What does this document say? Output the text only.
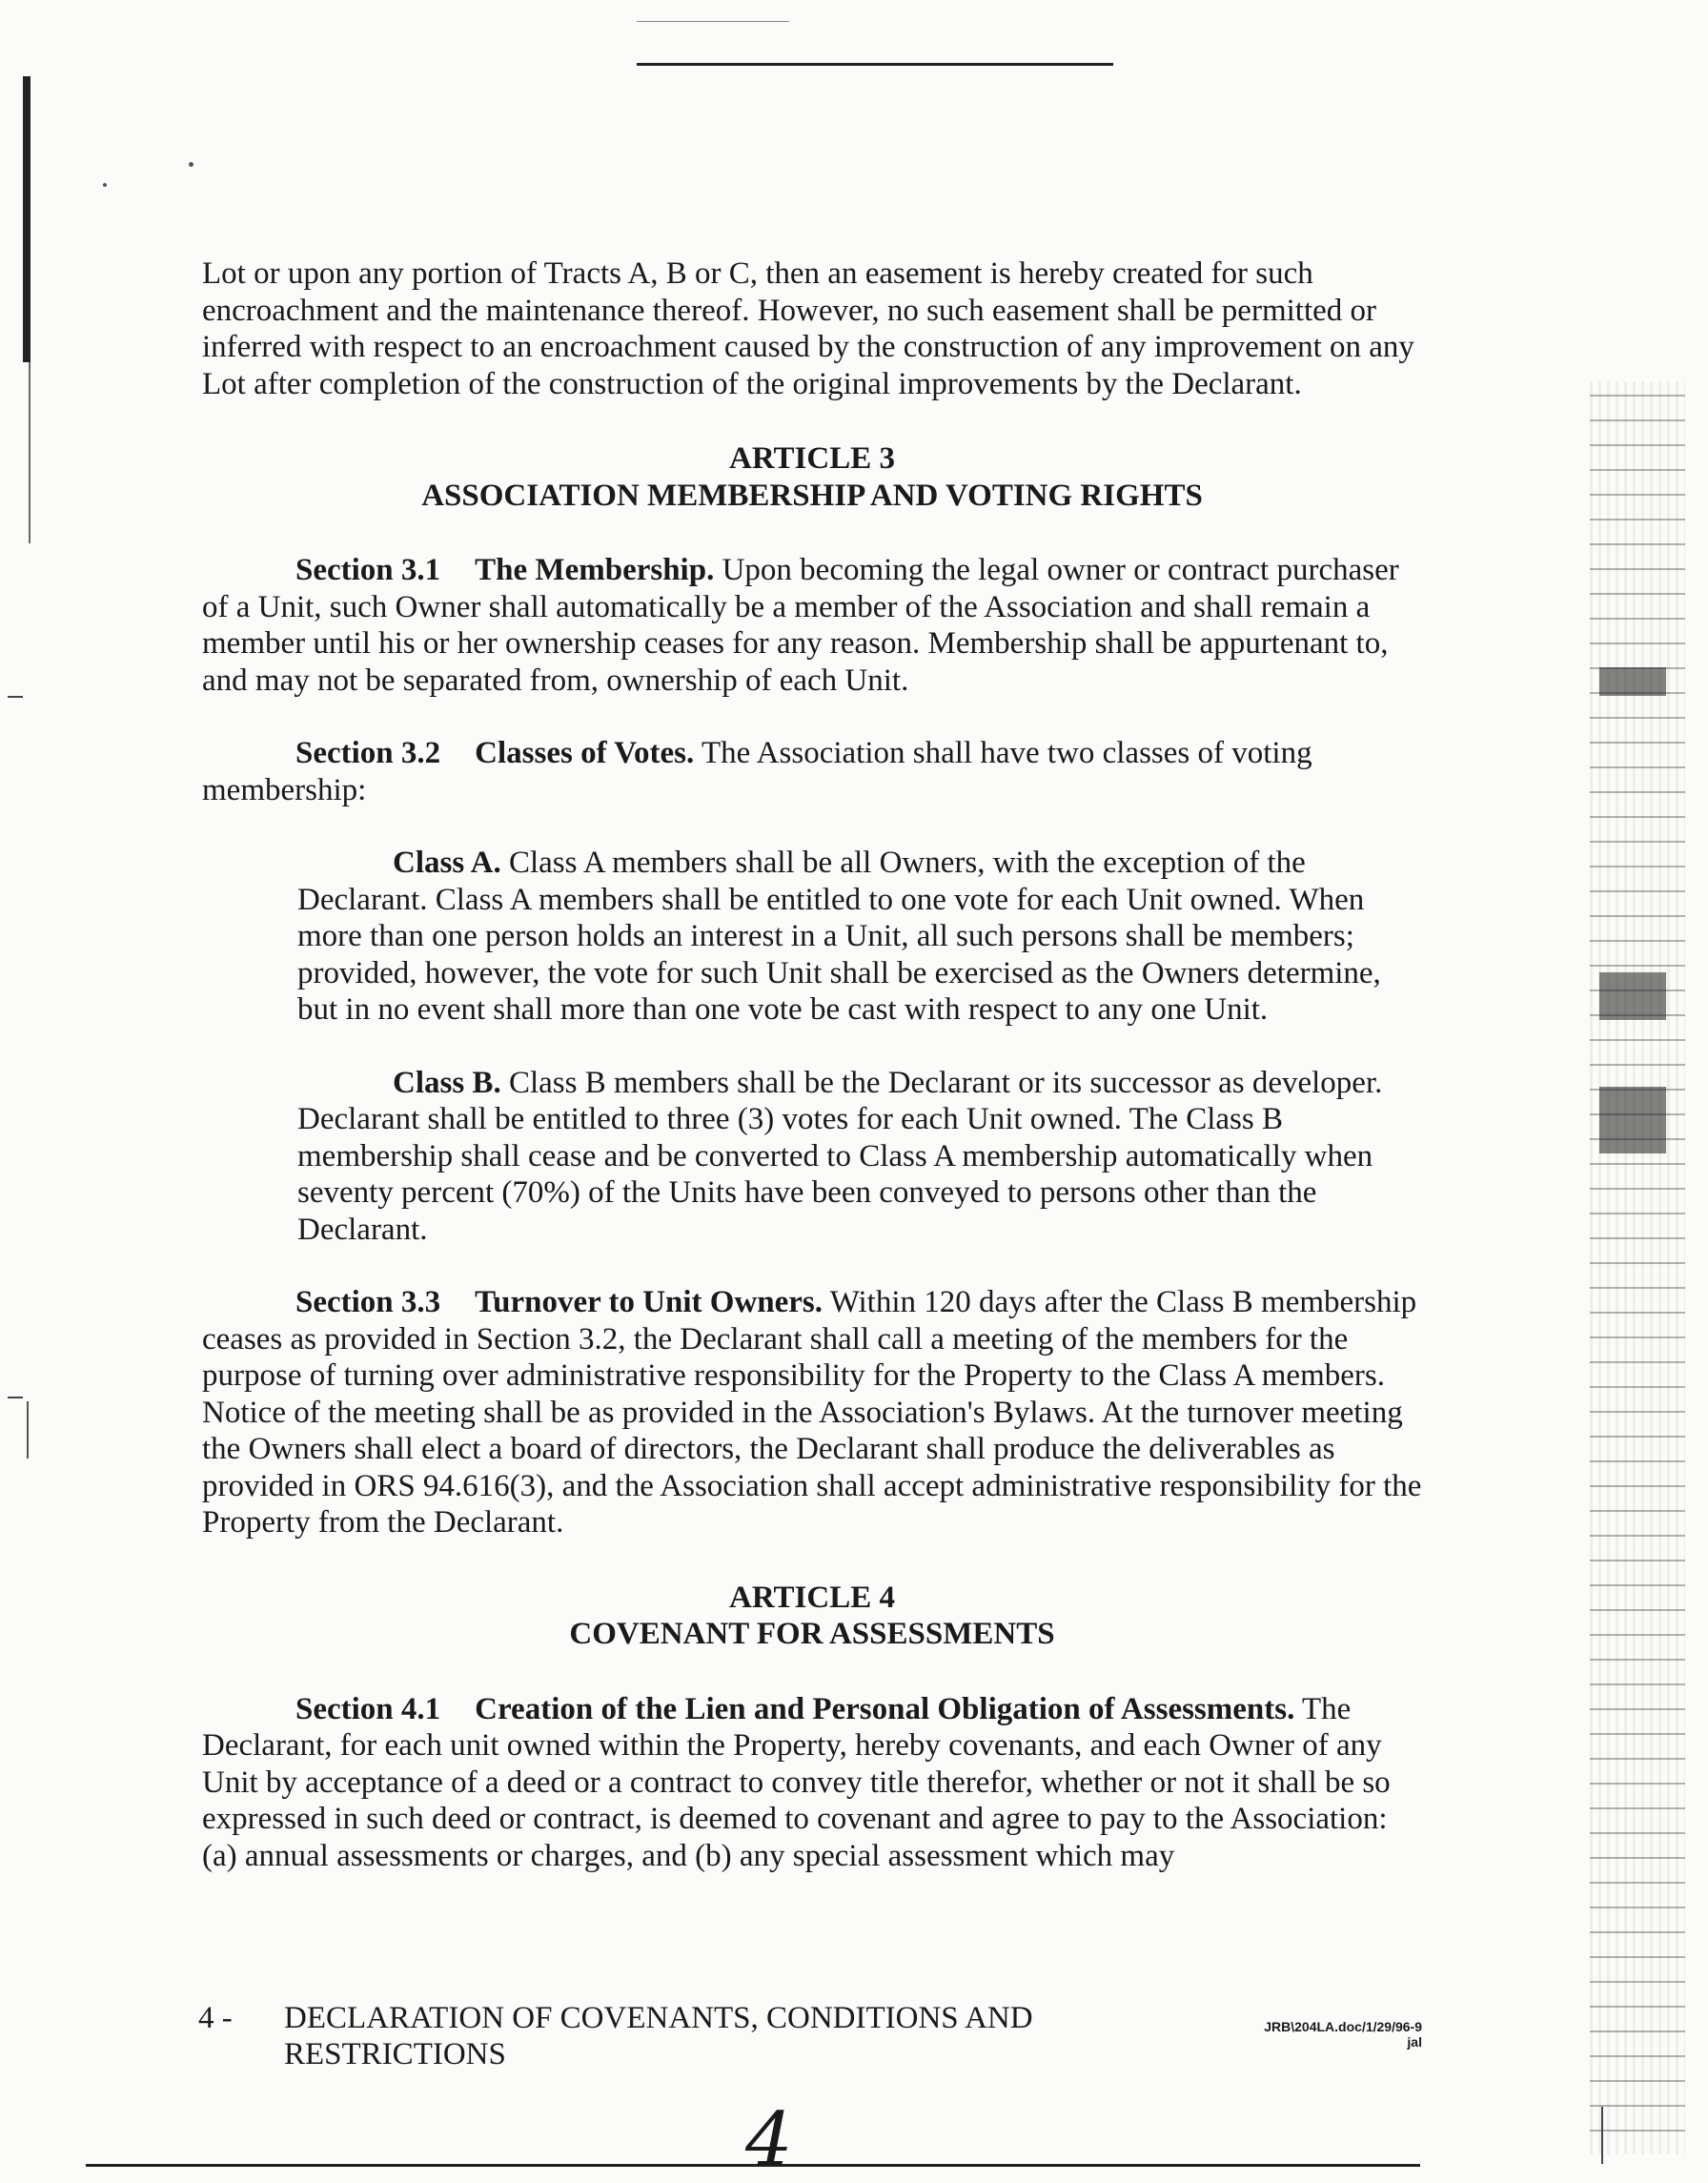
Lot or upon any portion of Tracts A, B or C, then an easement is hereby created for such encroachment and the maintenance thereof. However, no such easement shall be permitted or inferred with respect to an encroachment caused by the construction of any improvement on any Lot after completion of the construction of the original improvements by the Declarant.

ARTICLE 3

ASSOCIATION MEMBERSHIP AND VOTING RIGHTS

Section 3.1 The Membership. Upon becoming the legal owner or contract purchaser of a Unit, such Owner shall automatically be a member of the Association and shall remain a member until his or her ownership ceases for any reason. Membership shall be appurtenant to, and may not be separated from, ownership of each Unit.

Section 3.2 Classes of Votes. The Association shall have two classes of voting membership:

Class A. Class A members shall be all Owners, with the exception of the Declarant. Class A members shall be entitled to one vote for each Unit owned. When more than one person holds an interest in a Unit, all such persons shall be members; provided, however, the vote for such Unit shall be exercised as the Owners determine, but in no event shall more than one vote be cast with respect to any one Unit.

Class B. Class B members shall be the Declarant or its successor as developer. Declarant shall be entitled to three (3) votes for each Unit owned. The Class B membership shall cease and be converted to Class A membership automatically when seventy percent (70%) of the Units have been conveyed to persons other than the Declarant.

Section 3.3 Turnover to Unit Owners. Within 120 days after the Class B membership ceases as provided in Section 3.2, the Declarant shall call a meeting of the members for the purpose of turning over administrative responsibility for the Property to the Class A members. Notice of the meeting shall be as provided in the Association's Bylaws. At the turnover meeting the Owners shall elect a board of directors, the Declarant shall produce the deliverables as provided in ORS 94.616(3), and the Association shall accept administrative responsibility for the Property from the Declarant.

ARTICLE 4

COVENANT FOR ASSESSMENTS

Section 4.1 Creation of the Lien and Personal Obligation of Assessments. The Declarant, for each unit owned within the Property, hereby covenants, and each Owner of any Unit by acceptance of a deed or a contract to convey title therefor, whether or not it shall be so expressed in such deed or contract, is deemed to covenant and agree to pay to the Association: (a) annual assessments or charges, and (b) any special assessment which may

4 - DECLARATION OF COVENANTS, CONDITIONS AND
RESTRICTIONS
JRB\204LA.doc/1/29/96-9
jal
4
